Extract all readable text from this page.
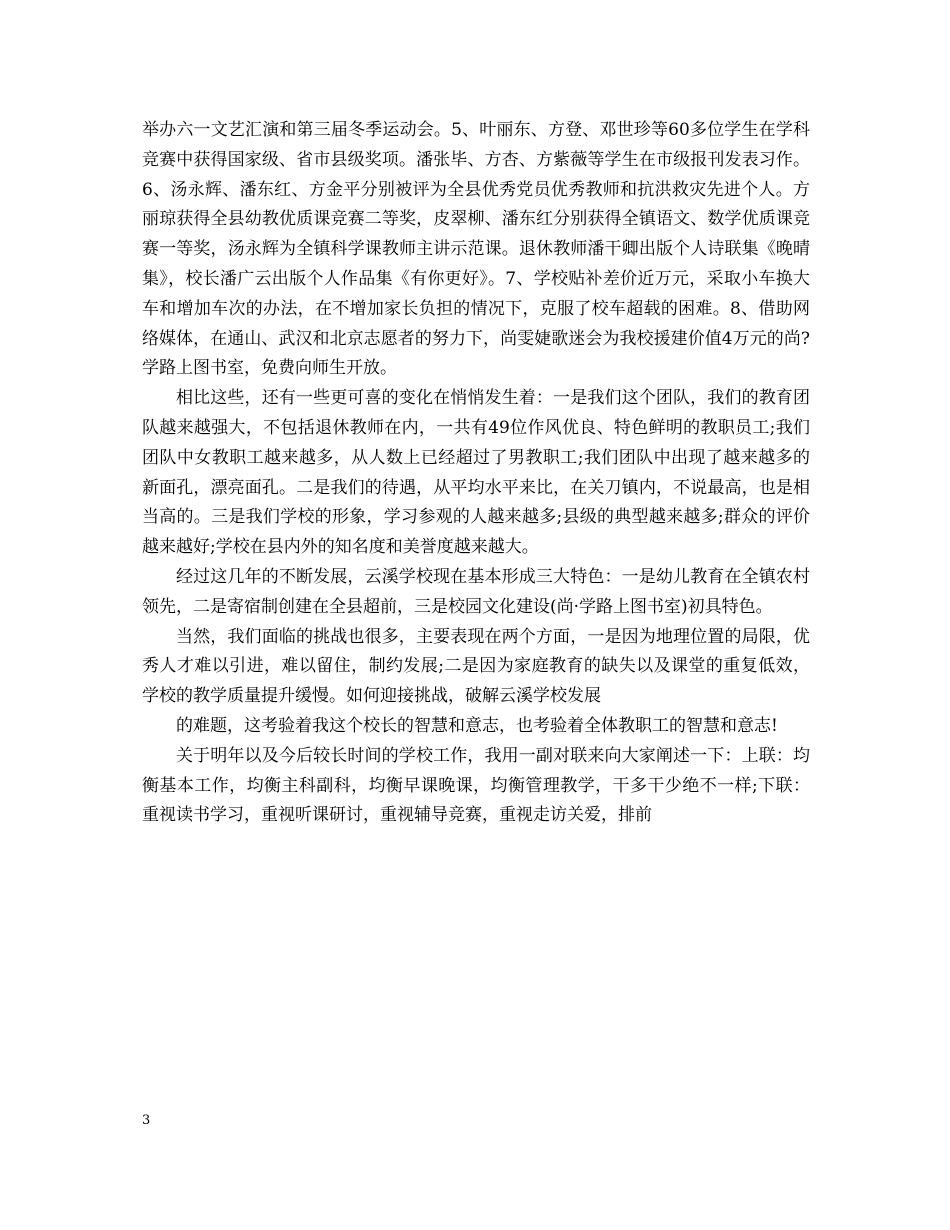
举办六一文艺汇演和第三届冬季运动会。5、叶丽东、方登、邓世珍等60多位学生在学科竞赛中获得国家级、省市县级奖项。潘张毕、方杏、方紫薇等学生在市级报刊发表习作。6、汤永辉、潘东红、方金平分别被评为全县优秀党员优秀教师和抗洪救灾先进个人。方丽琼获得全县幼教优质课竞赛二等奖，皮翠柳、潘东红分别获得全镇语文、数学优质课竞赛一等奖，汤永辉为全镇科学课教师主讲示范课。退休教师潘干卿出版个人诗联集《晚晴集》，校长潘广云出版个人作品集《有你更好》。7、学校贴补差价近万元，采取小车换大车和增加车次的办法，在不增加家长负担的情况下，克服了校车超载的困难。8、借助网络媒体，在通山、武汉和北京志愿者的努力下，尚雯婕歌迷会为我校援建价值4万元的尚?学路上图书室，免费向师生开放。

相比这些，还有一些更可喜的变化在悄悄发生着：一是我们这个团队，我们的教育团队越来越强大，不包括退休教师在内，一共有49位作风优良、特色鲜明的教职员工;我们团队中女教职工越来越多，从人数上已经超过了男教职工;我们团队中出现了越来越多的新面孔，漂亮面孔。二是我们的待遇，从平均水平来比，在关刀镇内，不说最高，也是相当高的。三是我们学校的形象，学习参观的人越来越多;县级的典型越来越多;群众的评价越来越好;学校在县内外的知名度和美誉度越来越大。

经过这几年的不断发展，云溪学校现在基本形成三大特色：一是幼儿教育在全镇农村领先，二是寄宿制创建在全县超前，三是校园文化建设(尚·学路上图书室)初具特色。

当然，我们面临的挑战也很多，主要表现在两个方面，一是因为地理位置的局限，优秀人才难以引进，难以留住，制约发展;二是因为家庭教育的缺失以及课堂的重复低效，学校的教学质量提升缓慢。如何迎接挑战，破解云溪学校发展

的难题，这考验着我这个校长的智慧和意志，也考验着全体教职工的智慧和意志!

关于明年以及今后较长时间的学校工作，我用一副对联来向大家阐述一下：上联：均衡基本工作，均衡主科副科，均衡早课晚课，均衡管理教学，干多干少绝不一样;下联：重视读书学习，重视听课研讨，重视辅导竞赛，重视走访关爱，排前

3
